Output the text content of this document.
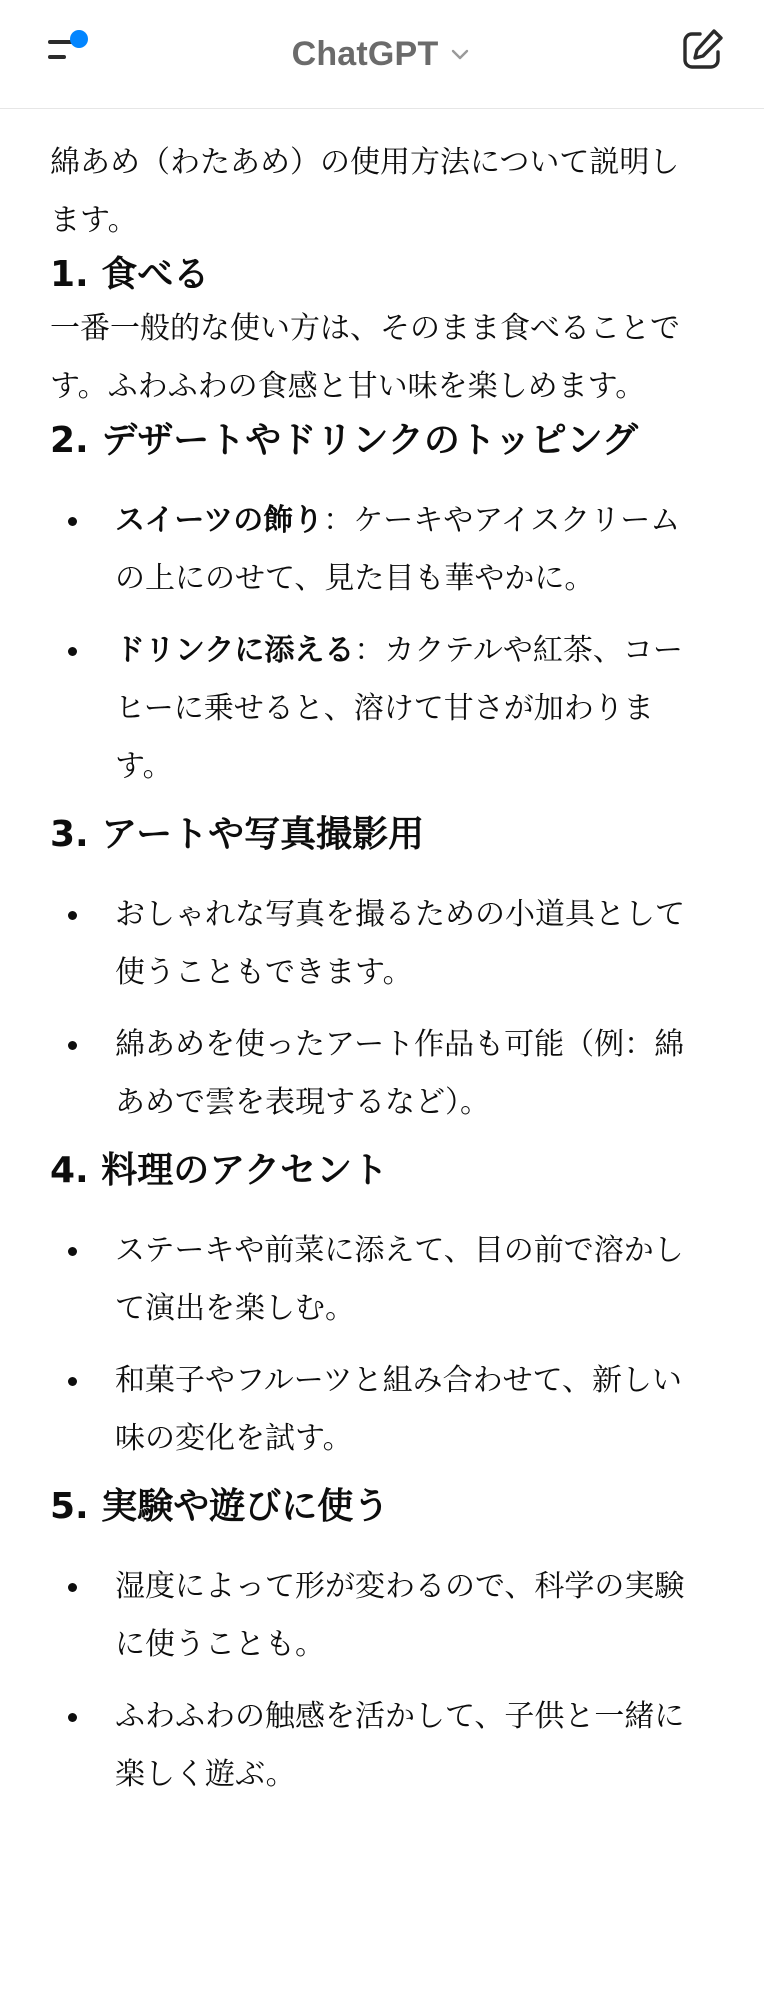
ChatGPT

綿あめ（わたあめ）の使用方法について説明します。

1. 食べる

一番一般的な使い方は、そのまま食べることです。ふわふわの食感と甘い味を楽しめます。

2. デザートやドリンクのトッピング
スイーツの飾り：ケーキやアイスクリームの上にのせて、見た目も華やかに。
ドリンクに添える：カクテルや紅茶、コーヒーに乗せると、溶けて甘さが加わります。
3. アートや写真撮影用
おしゃれな写真を撮るための小道具として使うこともできます。
綿あめを使ったアート作品も可能（例：綿あめで雲を表現するなど）。
4. 料理のアクセント
ステーキや前菜に添えて、目の前で溶かして演出を楽しむ。
和菓子やフルーツと組み合わせて、新しい味の変化を試す。
5. 実験や遊びに使う
湿度によって形が変わるので、科学の実験に使うことも。
ふわふわの触感を活かして、子供と一緒に楽しく遊ぶ。
